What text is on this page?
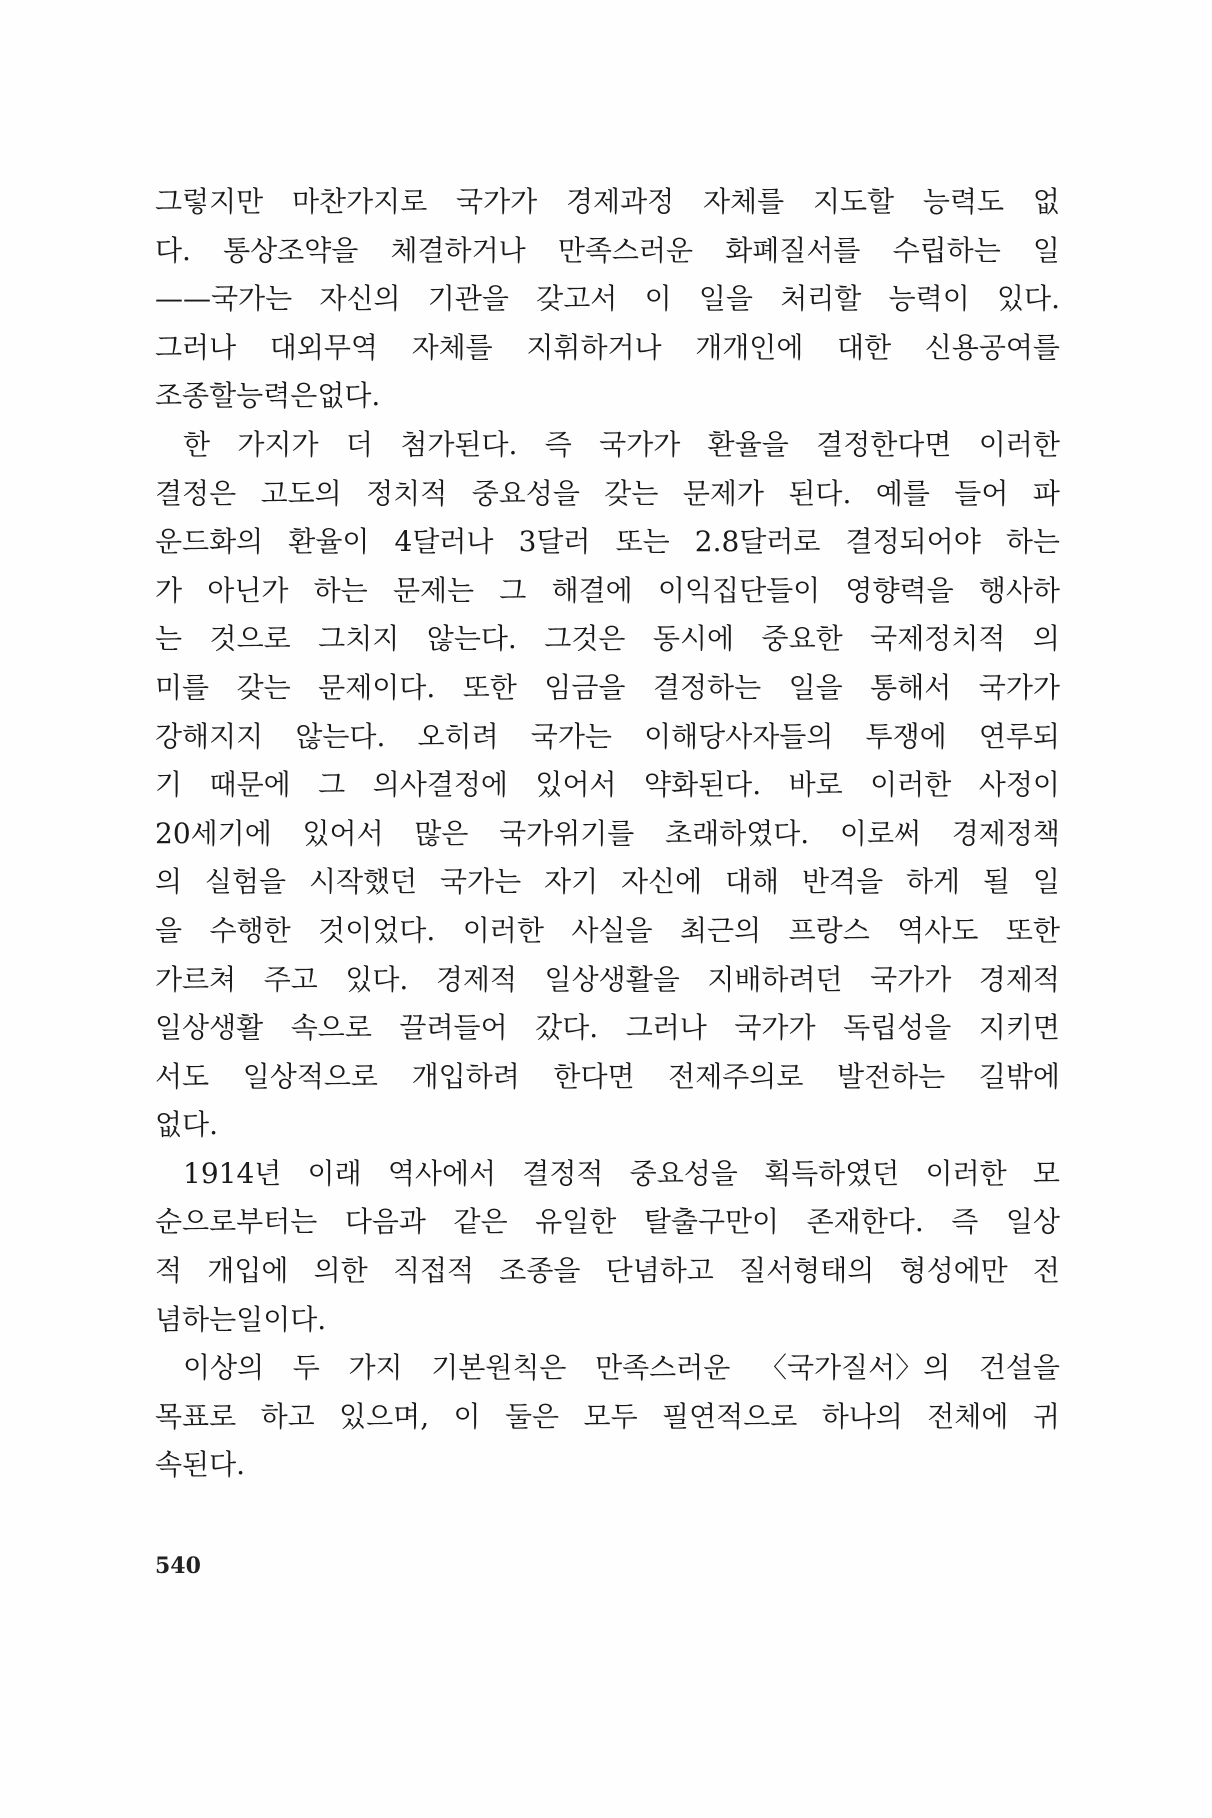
그렇지만 마찬가지로 국가가 경제과정 자체를 지도할 능력도 없
다. 통상조약을 체결하거나 만족스러운 화폐질서를 수립하는 일
——국가는 자신의 기관을 갖고서 이 일을 처리할 능력이 있다.
그러나 대외무역 자체를 지휘하거나 개개인에 대한 신용공여를
조종할 능력은 없다.
한 가지가 더 첨가된다. 즉 국가가 환율을 결정한다면 이러한
결정은 고도의 정치적 중요성을 갖는 문제가 된다. 예를 들어 파
운드화의 환율이 4달러나 3달러 또는 2.8달러로 결정되어야 하는
가 아닌가 하는 문제는 그 해결에 이익집단들이 영향력을 행사하
는 것으로 그치지 않는다. 그것은 동시에 중요한 국제정치적 의
미를 갖는 문제이다. 또한 임금을 결정하는 일을 통해서 국가가
강해지지 않는다. 오히려 국가는 이해당사자들의 투쟁에 연루되
기 때문에 그 의사결정에 있어서 약화된다. 바로 이러한 사정이
20세기에 있어서 많은 국가위기를 초래하였다. 이로써 경제정책
의 실험을 시작했던 국가는 자기 자신에 대해 반격을 하게 될 일
을 수행한 것이었다. 이러한 사실을 최근의 프랑스 역사도 또한
가르쳐 주고 있다. 경제적 일상생활을 지배하려던 국가가 경제적
일상생활 속으로 끌려들어 갔다. 그러나 국가가 독립성을 지키면
서도 일상적으로 개입하려 한다면 전제주의로 발전하는 길밖에
없다.
1914년 이래 역사에서 결정적 중요성을 획득하였던 이러한 모
순으로부터는 다음과 같은 유일한 탈출구만이 존재한다. 즉 일상
적 개입에 의한 직접적 조종을 단념하고 질서형태의 형성에만 전
념하는 일이다.
이상의 두 가지 기본원칙은 만족스러운 〈국가질서〉의 건설을
목표로 하고 있으며, 이 둘은 모두 필연적으로 하나의 전체에 귀
속된다.
540
